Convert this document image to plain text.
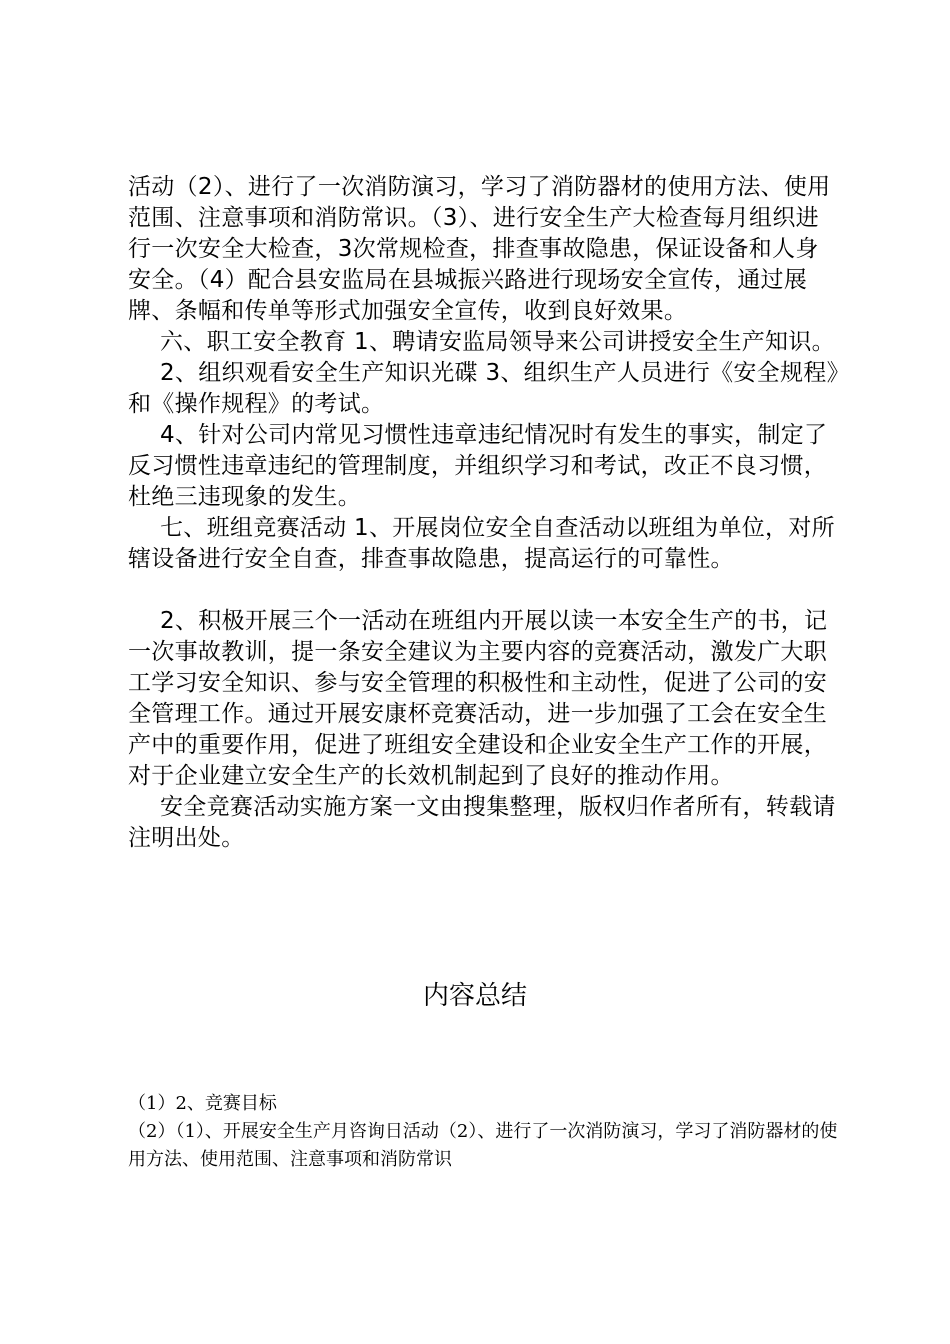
活动（2）、进行了一次消防演习，学习了消防器材的使用方法、使用范围、注意事项和消防常识。（3）、进行安全生产大检查每月组织进行一次安全大检查，3次常规检查，排查事故隐患，保证设备和人身安全。（4）配合县安监局在县城振兴路进行现场安全宣传，通过展牌、条幅和传单等形式加强安全宣传，收到良好效果。

六、职工安全教育 1、聘请安监局领导来公司讲授安全生产知识。

2、组织观看安全生产知识光碟 3、组织生产人员进行《安全规程》和《操作规程》的考试。

4、针对公司内常见习惯性违章违纪情况时有发生的事实，制定了反习惯性违章违纪的管理制度，并组织学习和考试，改正不良习惯，杜绝三违现象的发生。

七、班组竞赛活动 1、开展岗位安全自查活动以班组为单位，对所辖设备进行安全自查，排查事故隐患，提高运行的可靠性。

2、积极开展三个一活动在班组内开展以读一本安全生产的书，记一次事故教训，提一条安全建议为主要内容的竞赛活动，激发广大职工学习安全知识、参与安全管理的积极性和主动性，促进了公司的安全管理工作。通过开展安康杯竞赛活动，进一步加强了工会在安全生产中的重要作用，促进了班组安全建设和企业安全生产工作的开展，对于企业建立安全生产的长效机制起到了良好的推动作用。

安全竞赛活动实施方案一文由搜集整理，版权归作者所有，转载请注明出处。

内容总结

（1）2、竞赛目标

（2）（1）、开展安全生产月咨询日活动（2）、进行了一次消防演习，学习了消防器材的使用方法、使用范围、注意事项和消防常识
